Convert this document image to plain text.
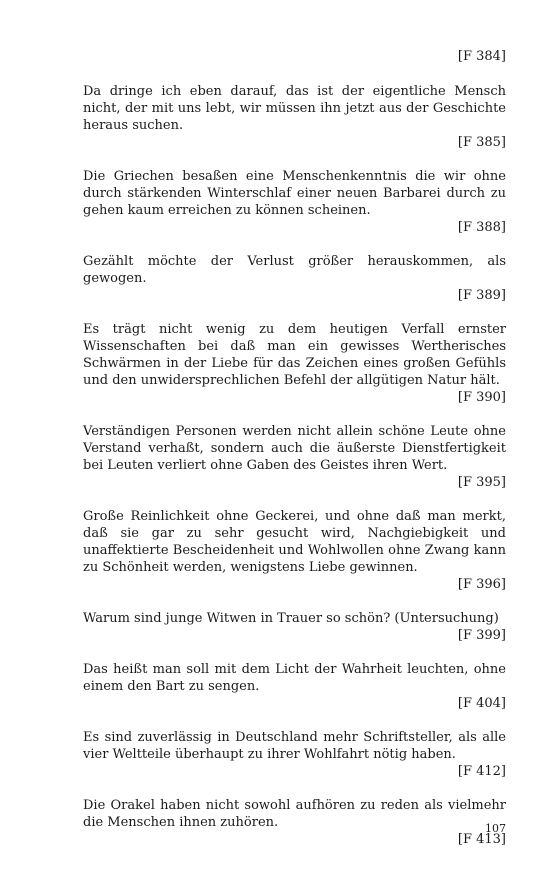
[F 384]

Da dringe ich eben darauf, das ist der eigentliche Mensch nicht, der mit uns lebt, wir müssen ihn jetzt aus der Geschichte heraus suchen.

[F 385]

Die Griechen besaßen eine Menschenkenntnis die wir ohne durch stärkenden Winterschlaf einer neuen Barbarei durch zu gehen kaum erreichen zu können scheinen.

[F 388]

Gezählt möchte der Verlust größer herauskommen, als gewogen.

[F 389]

Es trägt nicht wenig zu dem heutigen Verfall ernster Wissenschaften bei daß man ein gewisses Wertherisches Schwärmen in der Liebe für das Zeichen eines großen Gefühls und den unwidersprechlichen Befehl der allgütigen Natur hält.

[F 390]

Verständigen Personen werden nicht allein schöne Leute ohne Verstand verhaßt, sondern auch die äußerste Dienstfertigkeit bei Leuten verliert ohne Gaben des Geistes ihren Wert.

[F 395]

Große Reinlichkeit ohne Geckerei, und ohne daß man merkt, daß sie gar zu sehr gesucht wird, Nachgiebigkeit und unaffektierte Bescheidenheit und Wohlwollen ohne Zwang kann zu Schönheit werden, wenigstens Liebe gewinnen.

[F 396]

Warum sind junge Witwen in Trauer so schön? (Untersuchung)

[F 399]

Das heißt man soll mit dem Licht der Wahrheit leuchten, ohne einem den Bart zu sengen.

[F 404]

Es sind zuverlässig in Deutschland mehr Schriftsteller, als alle vier Weltteile überhaupt zu ihrer Wohlfahrt nötig haben.

[F 412]

Die Orakel haben nicht sowohl aufhören zu reden als vielmehr die Menschen ihnen zuhören.

[F 413]

107
